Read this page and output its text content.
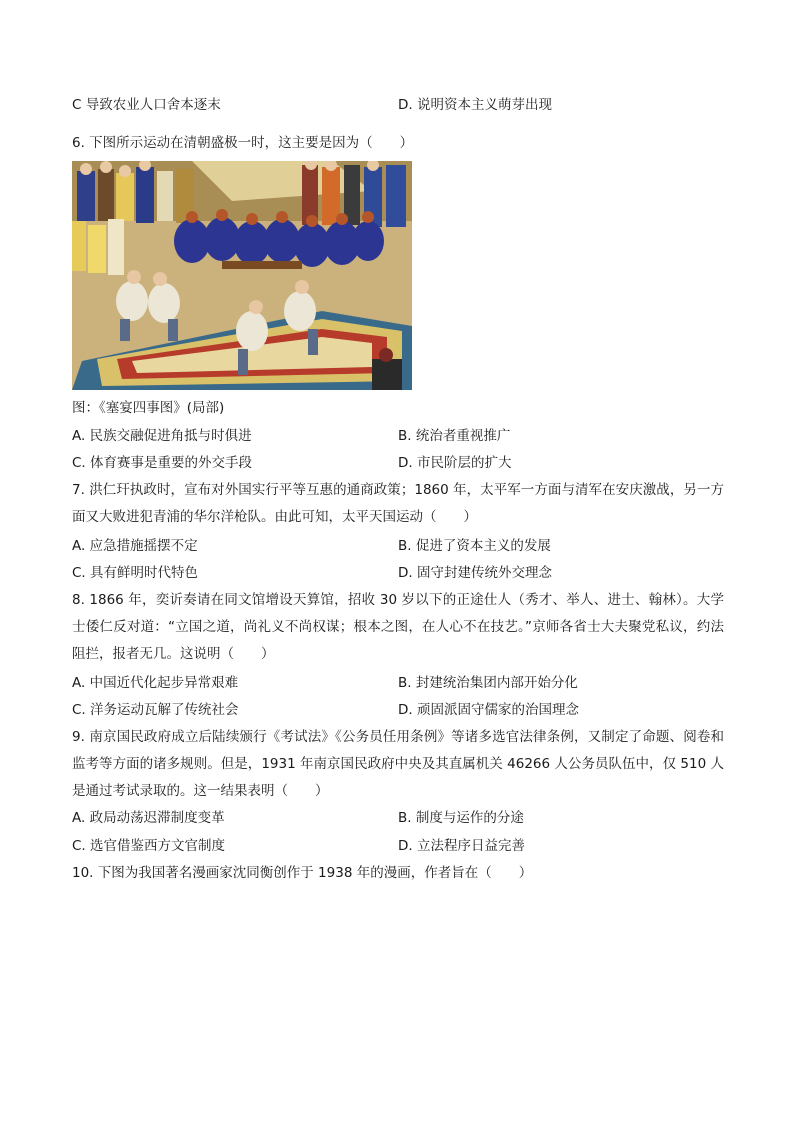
C 导致农业人口舍本逐末	D. 说明资本主义萌芽出现
6. 下图所示运动在清朝盛极一时，这主要是因为（　　）
图：《塞宴四事图》(局部)
A. 民族交融促进角抵与时俱进	B. 统治者重视推广
C. 体育赛事是重要的外交手段	D. 市民阶层的扩大
7. 洪仁玕执政时，宣布对外国实行平等互惠的通商政策；1860 年，太平军一方面与清军在安庆激战，另一方面又大败进犯青浦的华尔洋枪队。由此可知，太平天国运动（　　）
A. 应急措施摇摆不定	B. 促进了资本主义的发展
C. 具有鲜明时代特色	D. 固守封建传统外交理念
8. 1866 年，奕䜣奏请在同文馆增设天算馆，招收 30 岁以下的正途仕人（秀才、举人、进士、翰林）。大学士倭仁反对道：“立国之道，尚礼义不尚权谋；根本之图，在人心不在技艺。”京师各省士大夫聚党私议，约法阻拦，报者无几。这说明（　　）
A. 中国近代化起步异常艰难	B. 封建统治集团内部开始分化
C. 洋务运动瓦解了传统社会	D. 顽固派固守儒家的治国理念
9. 南京国民政府成立后陆续颁行《考试法》《公务员任用条例》等诸多选官法律条例，又制定了命题、阅卷和监考等方面的诸多规则。但是，1931 年南京国民政府中央及其直属机关 46266 人公务员队伍中，仅 510 人是通过考试录取的。这一结果表明（　　）
A. 政局动荡迟滞制度变革	B. 制度与运作的分途
C. 选官借鉴西方文官制度	D. 立法程序日益完善
10. 下图为我国著名漫画家沈同衡创作于 1938 年的漫画，作者旨在（　　）
